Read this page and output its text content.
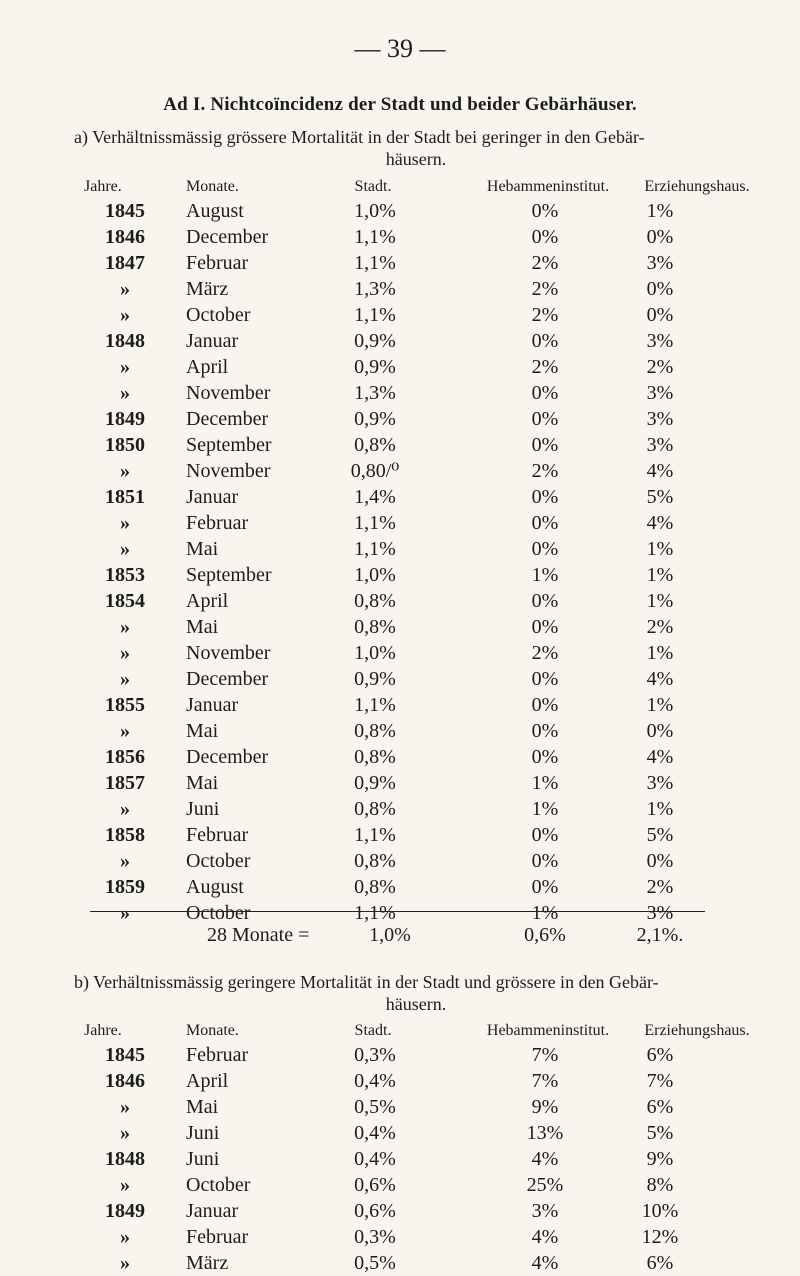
— 39 —
Ad I. Nichtcoïncidenz der Stadt und beider Gebärhäuser.
a) Verhältnissmässig grössere Mortalität in der Stadt bei geringer in den Gebär-
häusern.
Jahre.	Monate.	Stadt.	Hebammeninstitut.	Erziehungshaus.
1845	August	1,0%	0%	1%
1846	December	1,1%	0%	0%
1847	Februar	1,1%	2%	3%
»	März	1,3%	2%	0%
»	October	1,1%	2%	0%
1848	Januar	0,9%	0%	3%
»	April	0,9%	2%	2%
»	November	1,3%	0%	3%
1849	December	0,9%	0%	3%
1850	September	0,8%	0%	3%
»	November	0,80/⁰	2%	4%
1851	Januar	1,4%	0%	5%
»	Februar	1,1%	0%	4%
»	Mai	1,1%	0%	1%
1853	September	1,0%	1%	1%
1854	April	0,8%	0%	1%
»	Mai	0,8%	0%	2%
»	November	1,0%	2%	1%
»	December	0,9%	0%	4%
1855	Januar	1,1%	0%	1%
»	Mai	0,8%	0%	0%
1856	December	0,8%	0%	4%
1857	Mai	0,9%	1%	3%
»	Juni	0,8%	1%	1%
1858	Februar	1,1%	0%	5%
»	October	0,8%	0%	0%
1859	August	0,8%	0%	2%
»	October	1,1%	1%	3%
28 Monate =	1,0%	0,6%	2,1%.
b) Verhältnissmässig geringere Mortalität in der Stadt und grössere in den Gebär-
häusern.
Jahre.	Monate.	Stadt.	Hebammeninstitut.	Erziehungshaus.
1845	Februar	0,3%	7%	6%
1846	April	0,4%	7%	7%
»	Mai	0,5%	9%	6%
»	Juni	0,4%	13%	5%
1848	Juni	0,4%	4%	9%
»	October	0,6%	25%	8%
1849	Januar	0,6%	3%	10%
»	Februar	0,3%	4%	12%
»	März	0,5%	4%	6%
